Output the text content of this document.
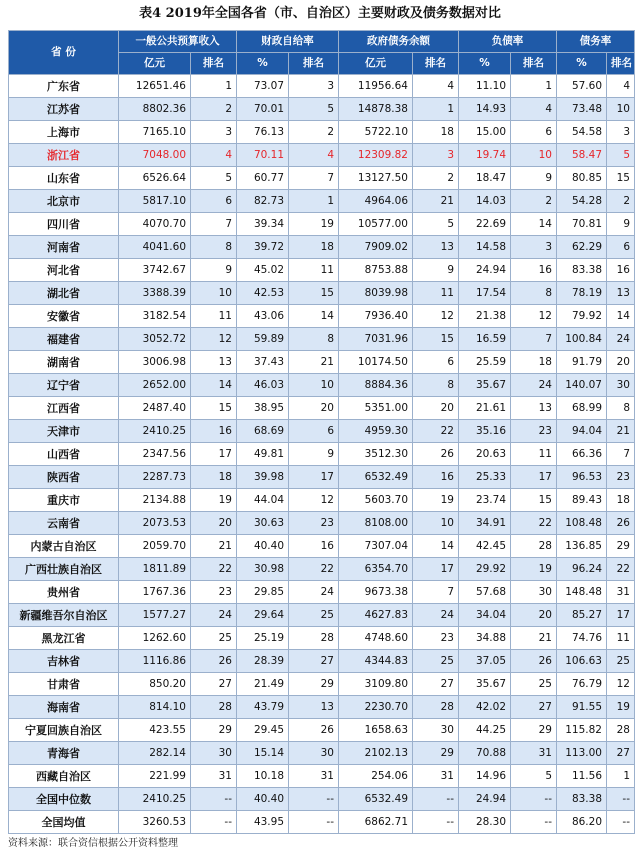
表4 2019年全国各省（市、自治区）主要财政及债务数据对比
省 份	一般公共预算收入		财政自给率		政府债务余额		负债率		债务率	
	亿元	排名	%	排名	亿元	排名	%	排名	%	排名
广东省	12651.46	1	73.07	3	11956.64	4	11.10	1	57.60	4
江苏省	8802.36	2	70.01	5	14878.38	1	14.93	4	73.48	10
上海市	7165.10	3	76.13	2	5722.10	18	15.00	6	54.58	3
浙江省	7048.00	4	70.11	4	12309.82	3	19.74	10	58.47	5
山东省	6526.64	5	60.77	7	13127.50	2	18.47	9	80.85	15
北京市	5817.10	6	82.73	1	4964.06	21	14.03	2	54.28	2
四川省	4070.70	7	39.34	19	10577.00	5	22.69	14	70.81	9
河南省	4041.60	8	39.72	18	7909.02	13	14.58	3	62.29	6
河北省	3742.67	9	45.02	11	8753.88	9	24.94	16	83.38	16
湖北省	3388.39	10	42.53	15	8039.98	11	17.54	8	78.19	13
安徽省	3182.54	11	43.06	14	7936.40	12	21.38	12	79.92	14
福建省	3052.72	12	59.89	8	7031.96	15	16.59	7	100.84	24
湖南省	3006.98	13	37.43	21	10174.50	6	25.59	18	91.79	20
辽宁省	2652.00	14	46.03	10	8884.36	8	35.67	24	140.07	30
江西省	2487.40	15	38.95	20	5351.00	20	21.61	13	68.99	8
天津市	2410.25	16	68.69	6	4959.30	22	35.16	23	94.04	21
山西省	2347.56	17	49.81	9	3512.30	26	20.63	11	66.36	7
陕西省	2287.73	18	39.98	17	6532.49	16	25.33	17	96.53	23
重庆市	2134.88	19	44.04	12	5603.70	19	23.74	15	89.43	18
云南省	2073.53	20	30.63	23	8108.00	10	34.91	22	108.48	26
内蒙古自治区	2059.70	21	40.40	16	7307.04	14	42.45	28	136.85	29
广西壮族自治区	1811.89	22	30.98	22	6354.70	17	29.92	19	96.24	22
贵州省	1767.36	23	29.85	24	9673.38	7	57.68	30	148.48	31
新疆维吾尔自治区	1577.27	24	29.64	25	4627.83	24	34.04	20	85.27	17
黑龙江省	1262.60	25	25.19	28	4748.60	23	34.88	21	74.76	11
吉林省	1116.86	26	28.39	27	4344.83	25	37.05	26	106.63	25
甘肃省	850.20	27	21.49	29	3109.80	27	35.67	25	76.79	12
海南省	814.10	28	43.79	13	2230.70	28	42.02	27	91.55	19
宁夏回族自治区	423.55	29	29.45	26	1658.63	30	44.25	29	115.82	28
青海省	282.14	30	15.14	30	2102.13	29	70.88	31	113.00	27
西藏自治区	221.99	31	10.18	31	254.06	31	14.96	5	11.56	1
全国中位数	2410.25	--	40.40	--	6532.49	--	24.94	--	83.38	--
全国均值	3260.53	--	43.95	--	6862.71	--	28.30	--	86.20	--
资料来源：联合资信根据公开资料整理
